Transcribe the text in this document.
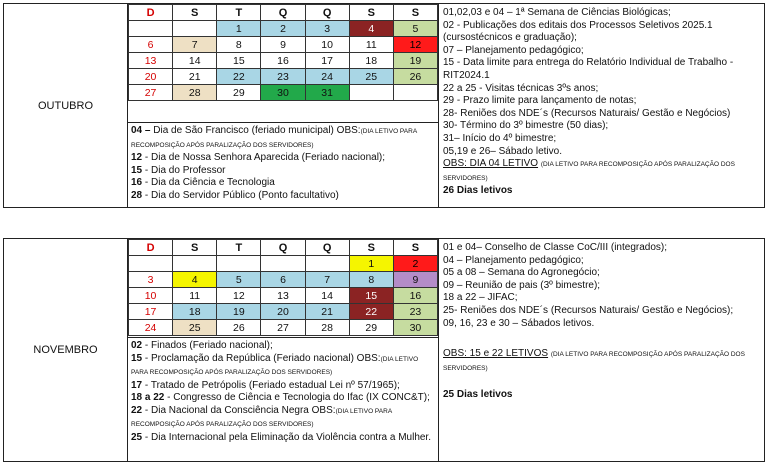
OUTUBRO
D	S	T	Q	Q	S	S
		1	2	3	4	5
6	7	8	9	10	11	12
13	14	15	16	17	18	19
20	21	22	23	24	25	26
27	28	29	30	31		
04 – Dia de São Francisco (feriado municipal) OBS:(DIA LETIVO PARA RECOMPOSIÇÃO APÓS PARALIZAÇÃO DOS SERVIDORES)
12 - Dia de Nossa Senhora Aparecida (Feriado nacional);
15 - Dia do Professor
16 - Dia da Ciência e Tecnologia
28 - Dia do Servidor Público (Ponto facultativo)
01,02,03 e 04 – 1ª Semana de Ciências Biológicas;
02 - Publicações dos editais dos Processos Seletivos 2025.1 (cursostécnicos e graduação);
07 – Planejamento pedagógico;
15 - Data limite para entrega do Relatório Individual de Trabalho - RIT2024.1
22 a 25 - Visitas técnicas 3ºs anos;
29 - Prazo limite para lançamento de notas;
28- Reniões dos NDE´s (Recursos Naturais/ Gestão e Negócios)
30- Término do 3º bimestre (50 dias);
31– Início do 4º bimestre;
05,19 e 26– Sábado letivo.
OBS: DIA 04 LETIVO (DIA LETIVO PARA RECOMPOSIÇÃO APÓS PARALIZAÇÃO DOS SERVIDORES)
26 Dias letivos
NOVEMBRO
D	S	T	Q	Q	S	S
					1	2
3	4	5	6	7	8	9
10	11	12	13	14	15	16
17	18	19	20	21	22	23
24	25	26	27	28	29	30
02 - Finados (Feriado nacional);
15 - Proclamação da República (Feriado nacional) OBS:(DIA LETIVO PARA RECOMPOSIÇÃO APÓS PARALIZAÇÃO DOS SERVIDORES)
17 - Tratado de Petrópolis (Feriado estadual Lei nº 57/1965);
18 a 22 - Congresso de Ciência e Tecnologia do Ifac (IX CONC&T);
22 - Dia Nacional da Consciência Negra OBS:(DIA LETIVO PARA RECOMPOSIÇÃO APÓS PARALIZAÇÃO DOS SERVIDORES)
25 - Dia Internacional pela Eliminação da Violência contra a Mulher.
01 e 04– Conselho de Classe CoC/III (integrados);
04 – Planejamento pedagógico;
05 a 08 – Semana do Agronegócio;
09 – Reunião de pais (3º bimestre);
18 a 22 – JIFAC;
25- Reniões dos NDE´s (Recursos Naturais/ Gestão e Negócios);
09, 16, 23 e 30 – Sábados letivos.
OBS: 15 e 22 LETIVOS (DIA LETIVO PARA RECOMPOSIÇÃO APÓS PARALIZAÇÃO DOS SERVIDORES)
25 Dias letivos
